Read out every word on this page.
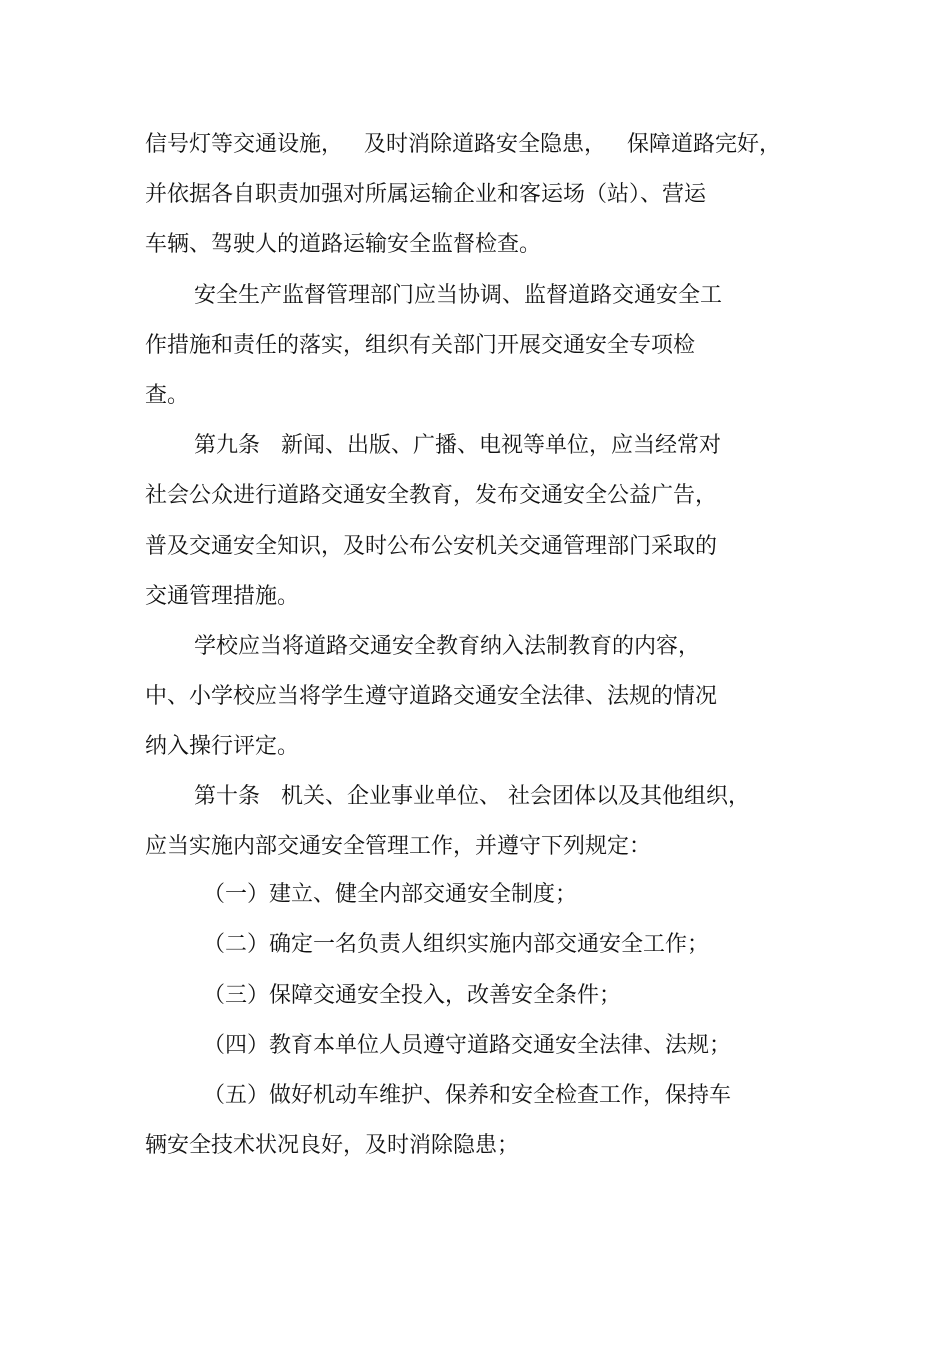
信号灯等交通设施，   及时消除道路安全隐患，   保障道路完好，
并依据各自职责加强对所属运输企业和客运场（站）、营运
车辆、驾驶人的道路运输安全监督检查。
安全生产监督管理部门应当协调、监督道路交通安全工
作措施和责任的落实，组织有关部门开展交通安全专项检
查。
第九条   新闻、出版、广播、电视等单位，应当经常对
社会公众进行道路交通安全教育，发布交通安全公益广告，
普及交通安全知识，及时公布公安机关交通管理部门采取的
交通管理措施。
学校应当将道路交通安全教育纳入法制教育的内容，
中、小学校应当将学生遵守道路交通安全法律、法规的情况
纳入操行评定。
第十条   机关、企业事业单位、 社会团体以及其他组织，
应当实施内部交通安全管理工作，并遵守下列规定：
（一）建立、健全内部交通安全制度；
（二）确定一名负责人组织实施内部交通安全工作；
（三）保障交通安全投入，改善安全条件；
（四）教育本单位人员遵守道路交通安全法律、法规；
（五）做好机动车维护、保养和安全检查工作，保持车
辆安全技术状况良好，及时消除隐患；
